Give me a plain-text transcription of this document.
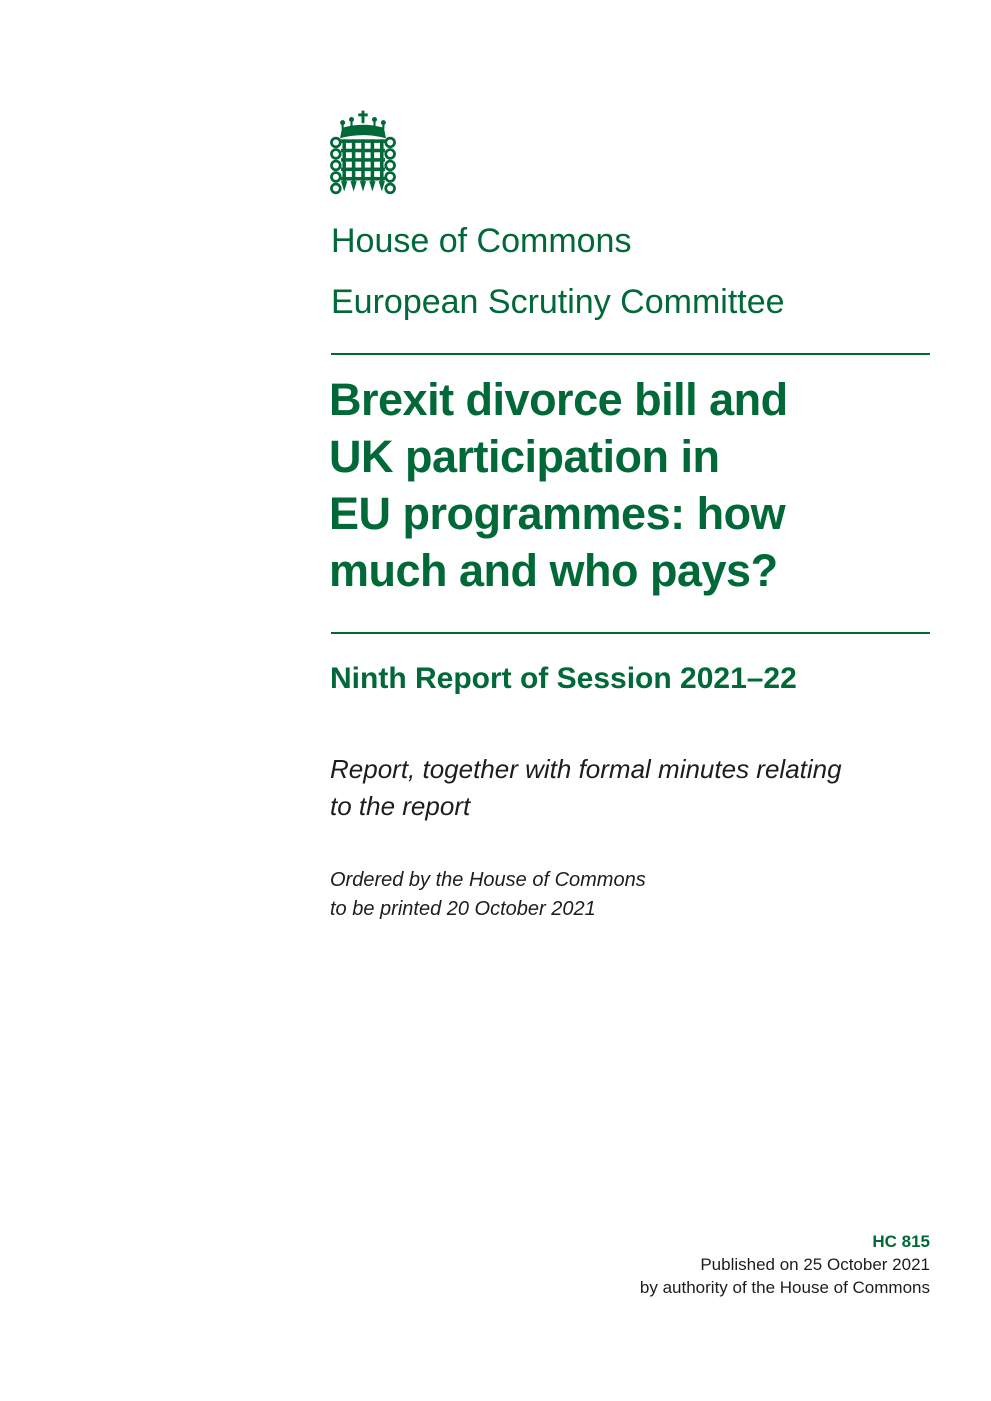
House of Commons
European Scrutiny Committee
Brexit divorce bill and
UK participation in
EU programmes: how
much and who pays?
Ninth Report of Session 2021–22
Report, together with formal minutes relating
to the report
Ordered by the House of Commons
to be printed 20 October 2021
HC 815
Published on 25 October 2021
by authority of the House of Commons
